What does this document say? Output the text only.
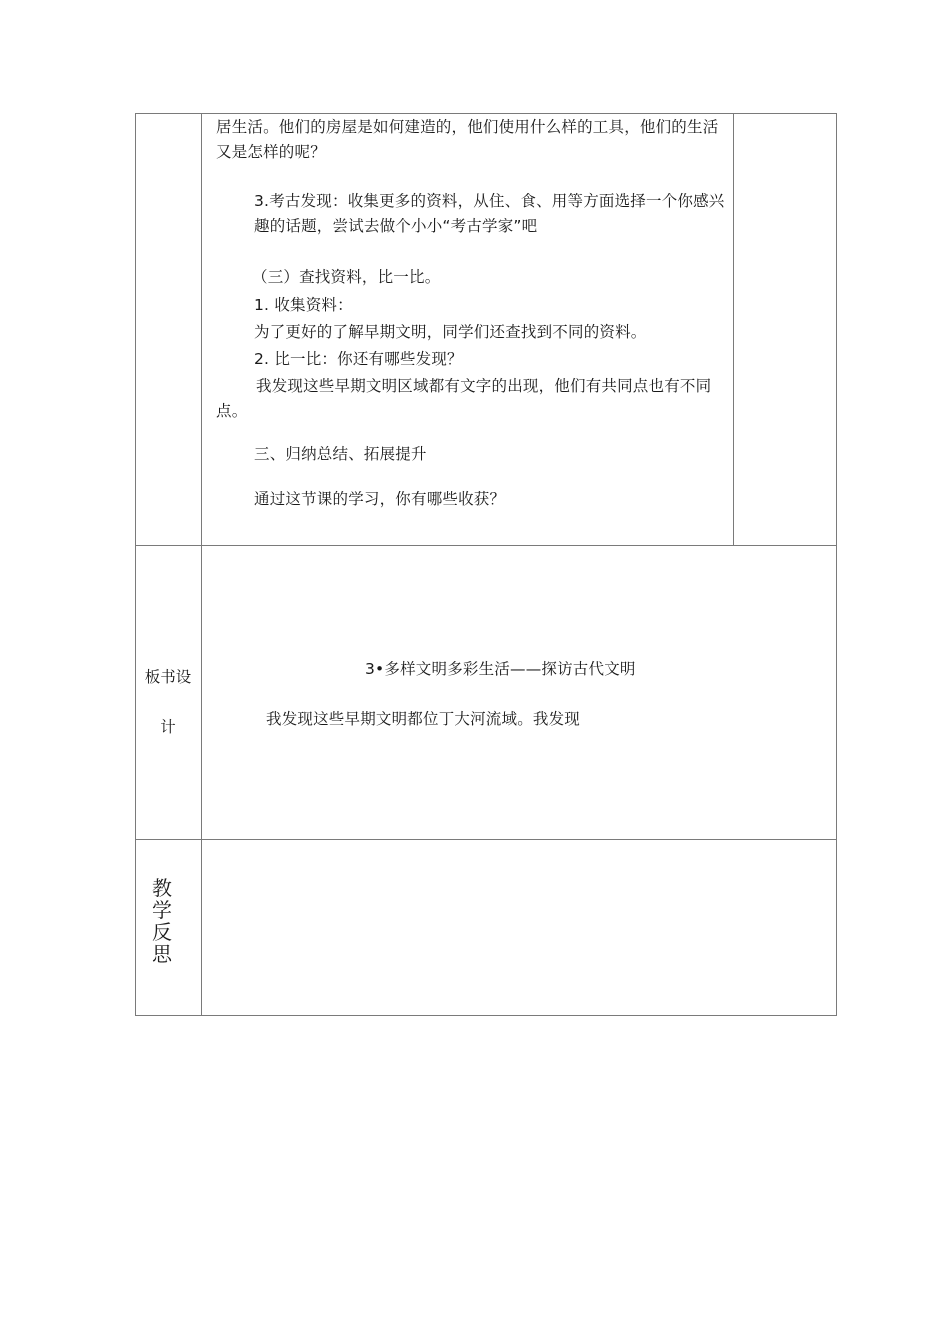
居生活。他们的房屋是如何建造的，他们使用什么样的工具，他们的生活又是怎样的呢？
3.考古发现：收集更多的资料，从住、食、用等方面选择一个你感兴趣的话题，尝试去做个小小“考古学家”吧
（三）查找资料，比一比。
1. 收集资料：
为了更好的了解早期文明，同学们还查找到不同的资料。
2. 比一比：你还有哪些发现？
我发现这些早期文明区域都有文字的出现，他们有共同点也有不同点。
三、归纳总结、拓展提升
通过这节课的学习，你有哪些收获？
板书设
计
3•多样文明多彩生活——探访古代文明
我发现这些早期文明都位丁大河流域。我发现
教学反思
